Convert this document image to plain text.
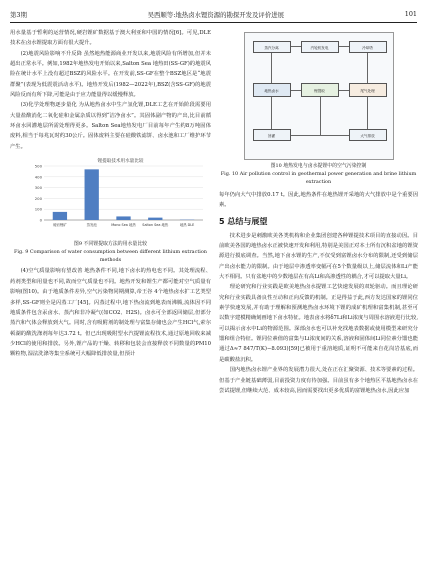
第3期	吴西顺等:地热卤水锂资源的勘探开发及评价进展	101

用水量基于暂利的运营情况,硬岩锂矿数据基于澳大利亚和中国的情况[6]。可见,DLE 技术在卤水锂提取方面有很大提升。

(2)地震风险影响不升反降 虽然地热能源商业开发以来,地震风险有所增加,但并未超出正常水平。例如,1982年地热发电开始以来,Salton Sea 地热田(SS-GF)的地震风险在统计水平上没有超过BSZ的风险水平。在开发前,SS-GF在整个BSZ地区是“地震群聚”(表现为低震震活动水平)。地热开发后(1982—2022年),BSZ(含SS-GF)的地震风险反而有所下降,可能是由于应力能量得以缓慢释放。

(3)化学处理物逐步量化 为从地热卤水中生产氢化锂,DLE工艺在开始阶段需要用大量盐酸消化二氧化硅和金属杂质以得到“洁净卤水”。其固体副产物的产出,比目前循环卤水回灌地层所需处理得更多。Salton Sea地热发电厂目前每年产生约8万吨固体废料,相当于每兆瓦时约30公斤。固体废料主要在硅酸铁滤饼、卤水池和工厂维护环节产生。

锂提取技术用水量比较
0
100
200
300
400
500
硬岩锂矿	蒸发池	Mono Sea 地热 Salton Sea 地热	地热 DLE
图9 不同锂提取方法的用水量比较
Fig. 9 Comparison of water consumption between different lithium extraction methods

(4)空气质量影响有望改善 地热条件不同,地下卤水的热电也不同。其处理流程、药剂类型和用量也不同,故而空气质量也不同。地热开发和锂生产都可能对空气质量有影响(图10)。由于地质条件差异,空气污染物同期测算,帝王谷 4个地热卤水扩工艺类型多样,SS-GF则全是闪蒸工厂[45]。闪蒸过程中,地下热卤流到地表而沸腾,流体因不同地质条件包含汞卤水、蒸汽和非冷凝气(如CO2、H2S)。卤水可全部返回储层,但部分蒸汽和气体会释放到大气。同时,含有吸附剂的制处理与富集存储也会产生HCl气,索尔顿湖的酸洗涤剂每年达3.72 t。但已出现吸附型水汽提锂流程技术,通过原地回收来减少HCl的使用和排放。另外,锂产品的干燥、转移和包装会直接释放不同数量的PM10颗粒物,湿法洗涤等集尘系统可大幅降低排放量,但预计

蒸汽分离	汽轮机发电	冷却塔
地热卤水	锂提取	尾气处理
回灌	大气排放
图10 地热发电与卤水提锂中的空气污染控制
Fig. 10 Air pollution control in geothermal power generation and brine lithium extraction

每年仍向大气中排放0.17 t。因此,地热条件在地热锂开采地的大气排放中是个重要因素。

5 总结与展望

技术进步是刺激欧美各类机构和企业集团创建各种锂提技术项目的直接动因。目前欧美各国的地热卤水正被快速开发和利用,特别是美国正对本土所有沉积盆地的锂资源进行摸底调查。当然,地下卤水锂的生产,不仅受到富锂卤水分布的限制,还受到储层产出卤水能力的限制。由于地层中渗透率变幅可在5个数量级以上,储层流体和Li产能大不相同。只有盆地中的少数地层在有高Li和高渗透性的耦合,才可以提取大量Li。

理论研究和行业实践是欧美地热卤水提锂工艺快速发展的双轮驱动。而且理论研究和行业实践具备良性互动和正向反馈的机制。正是得益于此,西方发达国家的锂同位素学快速发展,并有助于理解和预测地热卤水环境下锂的成矿机理和富集机制,甚至可以数字建模精确刻画地下卤水特征。地表卤水将δ7Li和Li浓度与周围水溶液进行比较,可以揭示卤水中Li的物源范围。深部卤水也可以补充找地表数据或使用模型来研究分馏和组合特征。锂同位素值的富集与Li浓度间的关系,溶液和固体间Li同位素分馏也能通过Δ≈7 847/T(K)−8.093)[59]已被用于重溶地质,证明不可能来自花岗岩基底,而是碳酸盐沉积。

国内地热卤水锂产业界的发展潜力很大,处在正在汇聚资源、技术等要素的过程。但基于产业链基础薄弱,目前投资力度有待加强。目前虽有多个地热区平基地热卤水在尝试提锂,但继续大范、成本较高,因而需要找出更多优质的富锂地热卤水,因此应加
